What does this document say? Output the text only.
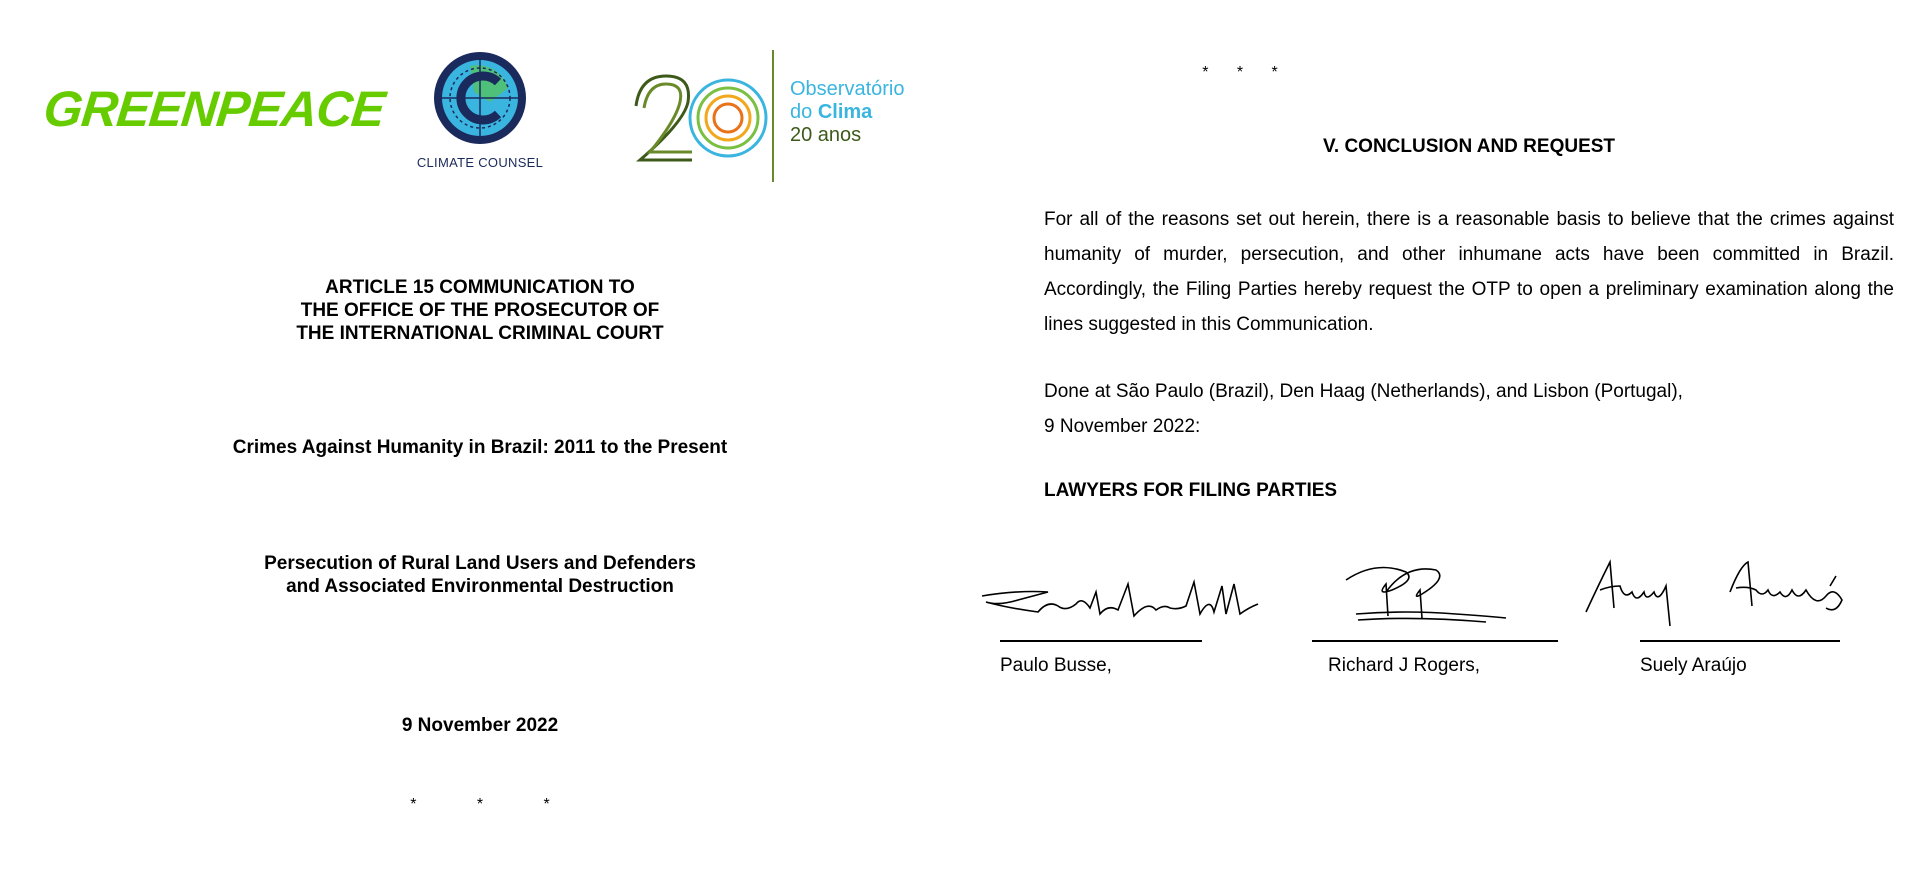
GREENPEACE
CLIMATE COUNSEL
Observatório
do Clima
20 anos
ARTICLE 15 COMMUNICATION TO
THE OFFICE OF THE PROSECUTOR OF
THE INTERNATIONAL CRIMINAL COURT
Crimes Against Humanity in Brazil: 2011 to the Present
Persecution of Rural Land Users and Defenders
and Associated Environmental Destruction
9 November 2022
* * *
* * *
V. CONCLUSION AND REQUEST
For all of the reasons set out herein, there is a reasonable basis to believe that the crimes against humanity of murder, persecution, and other inhumane acts have been committed in Brazil. Accordingly, the Filing Parties hereby request the OTP to open a preliminary examination along the lines suggested in this Communication.
Done at São Paulo (Brazil), Den Haag (Netherlands), and Lisbon (Portugal),
9 November 2022:
LAWYERS FOR FILING PARTIES
Paulo Busse,	Richard J Rogers,	Suely Araújo
